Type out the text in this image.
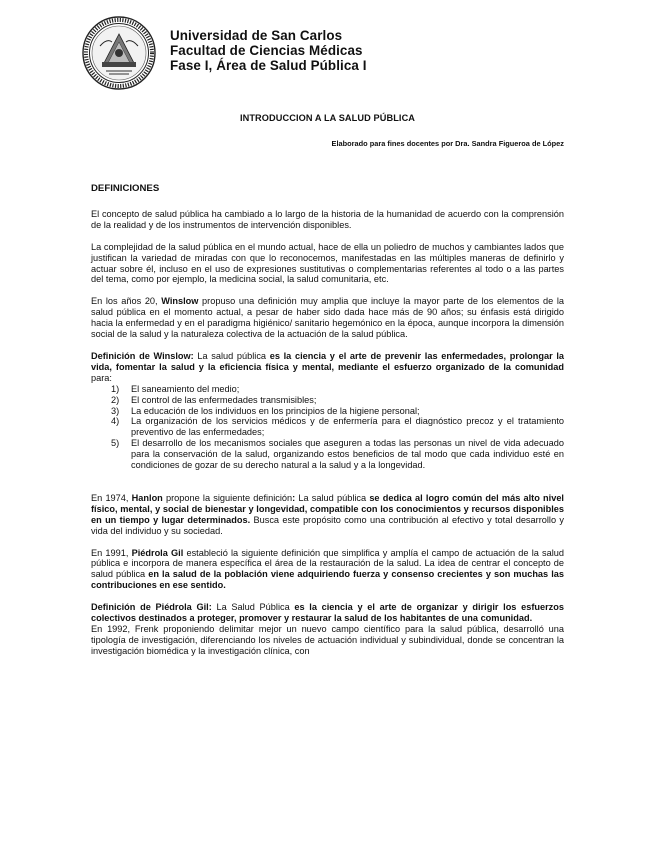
Universidad de San Carlos
Facultad de Ciencias Médicas
Fase I, Área de Salud Pública I
INTRODUCCION A LA SALUD PÚBLICA
Elaborado para fines docentes por Dra. Sandra Figueroa de López

DEFINICIONES

El concepto de salud pública ha cambiado a lo largo de la historia de la humanidad de acuerdo con la comprensión de la realidad y de los instrumentos de intervención disponibles.

La complejidad de la salud pública en el mundo actual, hace de ella un poliedro de muchos y cambiantes lados que justifican la variedad de miradas con que lo reconocemos, manifestadas en las múltiples maneras de definirlo y actuar sobre él, incluso en el uso de expresiones sustitutivas o complementarias referentes al todo o a las partes del tema, como por ejemplo, la medicina social, la salud comunitaria, etc.

En los años 20, Winslow propuso una definición muy amplia que incluye la mayor parte de los elementos de la salud pública en el momento actual, a pesar de haber sido dada hace más de 90 años; su énfasis está dirigido hacia la enfermedad y en el paradigma higiénico/ sanitario hegemónico en la época, aunque incorpora la dimensión social de la salud y la naturaleza colectiva de la actuación de la salud pública.

Definición de Winslow: La salud pública es la ciencia y el arte de prevenir las enfermedades, prolongar la vida, fomentar la salud y la eficiencia física y mental, mediante el esfuerzo organizado de la comunidad para:

1)	El saneamiento del medio;
2)	El control de las enfermedades transmisibles;
3)	La educación de los individuos en los principios de la higiene personal;
4)	La organización de los servicios médicos y de enfermería para el diagnóstico precoz y el tratamiento preventivo de las enfermedades;
5)	El desarrollo de los mecanismos sociales que aseguren a todas las personas un nivel de vida adecuado para la conservación de la salud, organizando estos beneficios de tal modo que cada individuo esté en condiciones de gozar de su derecho natural a la salud y a la longevidad.

En 1974, Hanlon propone la siguiente definición: La salud pública se dedica al logro común del más alto nivel físico, mental, y social de bienestar y longevidad, compatible con los conocimientos y recursos disponibles en un tiempo y lugar determinados. Busca este propósito como una contribución al efectivo y total desarrollo y vida del individuo y su sociedad.

En 1991, Piédrola Gil estableció la siguiente definición que simplifica y amplía el campo de actuación de la salud pública e incorpora de manera específica el área de la restauración de la salud. La idea de centrar el concepto de salud pública en la salud de la población viene adquiriendo fuerza y consenso crecientes y son muchas las contribuciones en ese sentido.

Definición de Piédrola Gil: La Salud Pública es la ciencia y el arte de organizar y dirigir los esfuerzos colectivos destinados a proteger, promover y restaurar la salud de los habitantes de una comunidad.

En 1992, Frenk proponiendo delimitar mejor un nuevo campo científico para la salud pública, desarrolló una tipología de investigación, diferenciando los niveles de actuación individual y subindividual, donde se concentran la investigación biomédica y la investigación clínica, con
